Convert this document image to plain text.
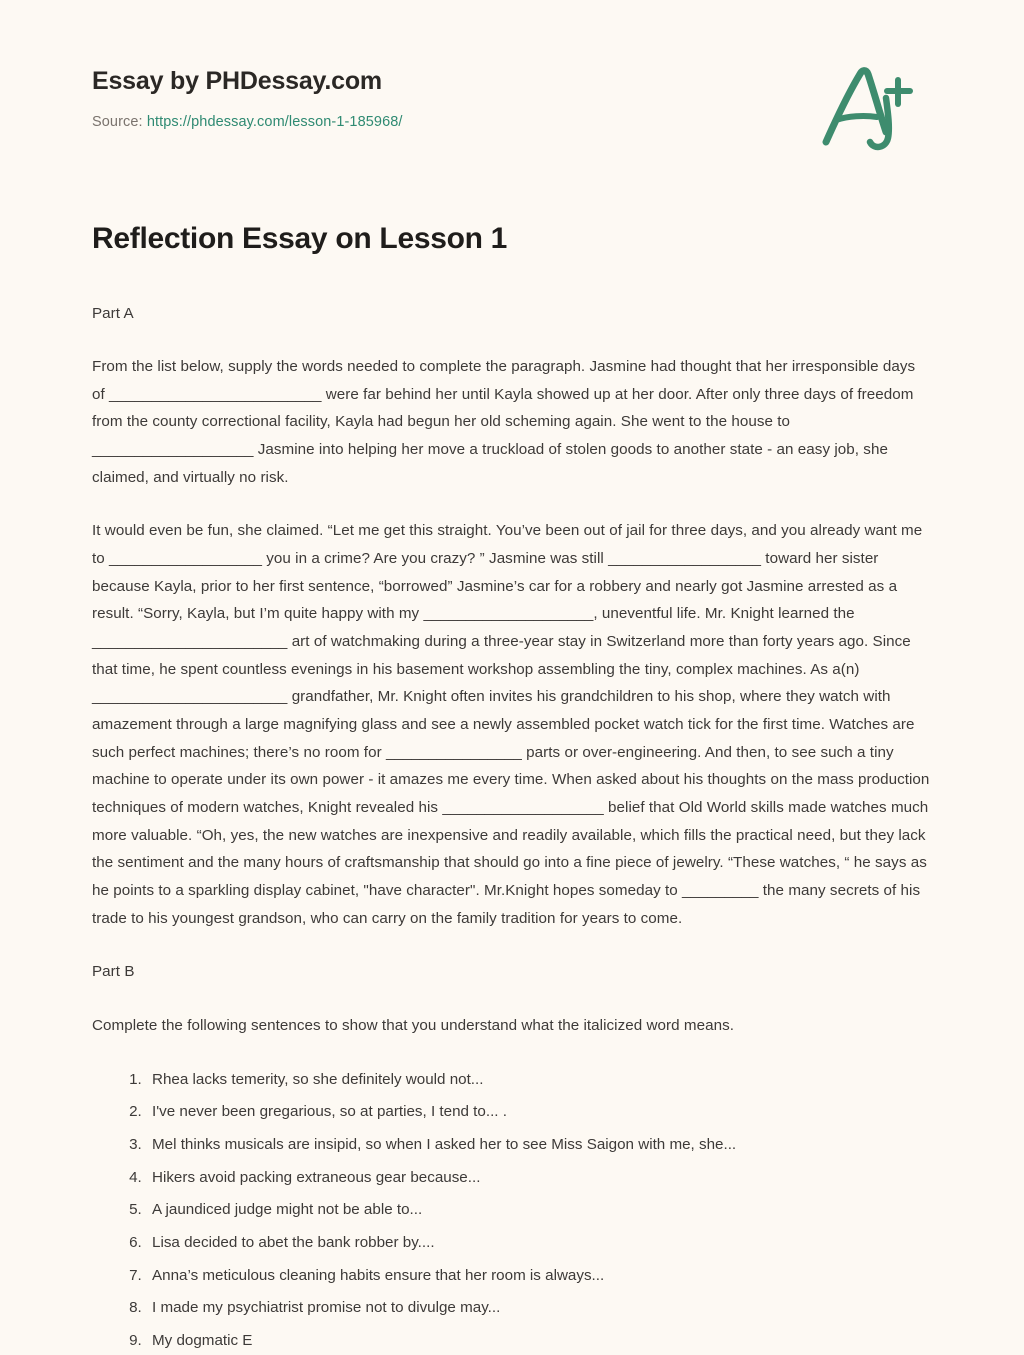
Essay by PHDessay.com
Source: https://phdessay.com/lesson-1-185968/
Reflection Essay on Lesson 1

Part A

From the list below, supply the words needed to complete the paragraph. Jasmine had thought that her irresponsible days of _________________________ were far behind her until Kayla showed up at her door. After only three days of freedom from the county correctional facility, Kayla had begun her old scheming again. She went to the house to ___________________ Jasmine into helping her move a truckload of stolen goods to another state - an easy job, she claimed, and virtually no risk.

It would even be fun, she claimed. “Let me get this straight. You’ve been out of jail for three days, and you already want me to __________________ you in a crime? Are you crazy? ” Jasmine was still __________________ toward her sister because Kayla, prior to her first sentence, “borrowed” Jasmine’s car for a robbery and nearly got Jasmine arrested as a result. “Sorry, Kayla, but I’m quite happy with my ____________________, uneventful life. Mr. Knight learned the _______________________ art of watchmaking during a three-year stay in Switzerland more than forty years ago. Since that time, he spent countless evenings in his basement workshop assembling the tiny, complex machines. As a(n) _______________________ grandfather, Mr. Knight often invites his grandchildren to his shop, where they watch with amazement through a large magnifying glass and see a newly assembled pocket watch tick for the first time. Watches are such perfect machines; there’s no room for ________________ parts or over-engineering. And then, to see such a tiny machine to operate under its own power - it amazes me every time. When asked about his thoughts on the mass production techniques of modern watches, Knight revealed his ___________________ belief that Old World skills made watches much more valuable. “Oh, yes, the new watches are inexpensive and readily available, which fills the practical need, but they lack the sentiment and the many hours of craftsmanship that should go into a fine piece of jewelry. “These watches, “ he says as he points to a sparkling display cabinet, "have character". Mr.Knight hopes someday to _________ the many secrets of his trade to his youngest grandson, who can carry on the family tradition for years to come.

Part B

Complete the following sentences to show that you understand what the italicized word means.

1. Rhea lacks temerity, so she definitely would not...
2. I've never been gregarious, so at parties, I tend to... .
3. Mel thinks musicals are insipid, so when I asked her to see Miss Saigon with me, she...
4. Hikers avoid packing extraneous gear because...
5. A jaundiced judge might not be able to...
6. Lisa decided to abet the bank robber by....
7. Anna’s meticulous cleaning habits ensure that her room is always...
8. I made my psychiatrist promise not to divulge may...
9. My dogmatic E
